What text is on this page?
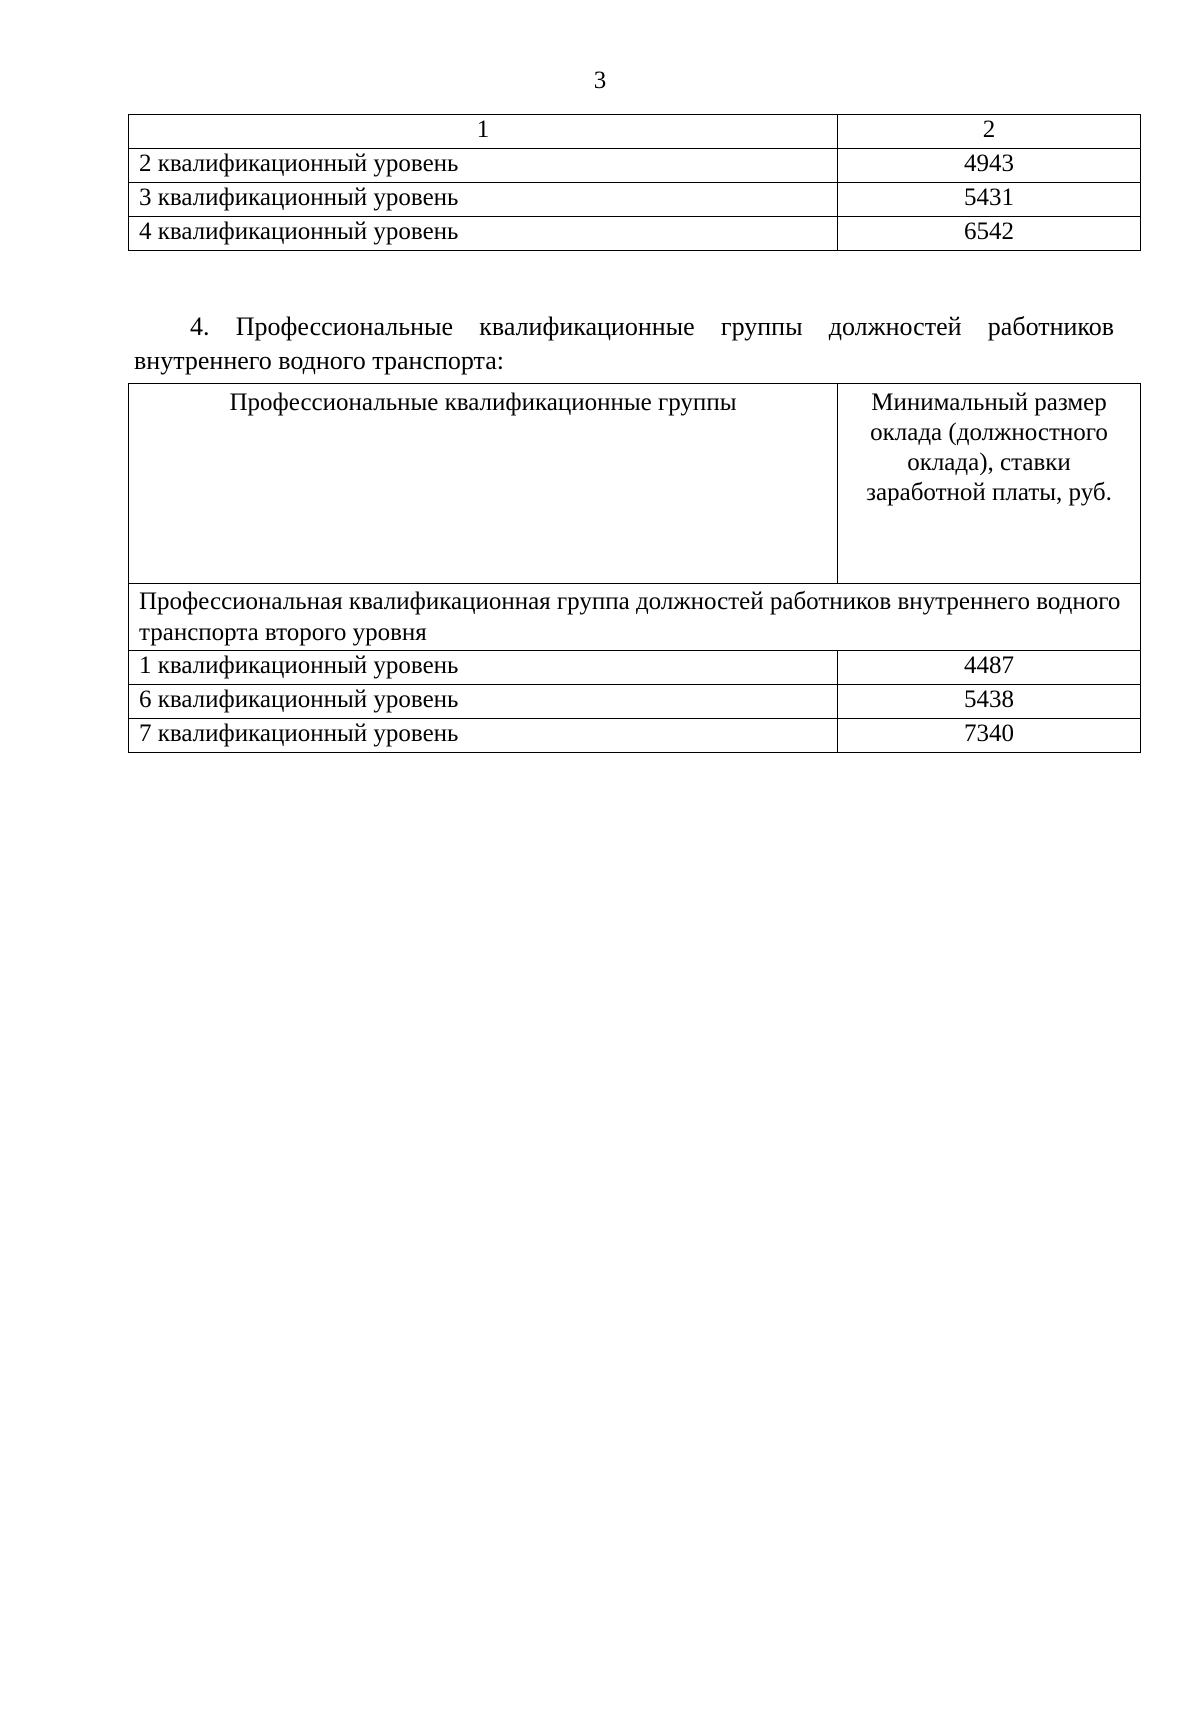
3
1	2
2 квалификационный уровень	4943
3 квалификационный уровень	5431
4 квалификационный уровень	6542

4. Профессиональные квалификационные группы должностей работников внутреннего водного транспорта:

Профессиональные квалификационные группы	Минимальный размер оклада (должностного оклада), ставки заработной платы, руб.
Профессиональная квалификационная группа должностей работников внутреннего водного транспорта второго уровня	
1 квалификационный уровень	4487
6 квалификационный уровень	5438
7 квалификационный уровень	7340
